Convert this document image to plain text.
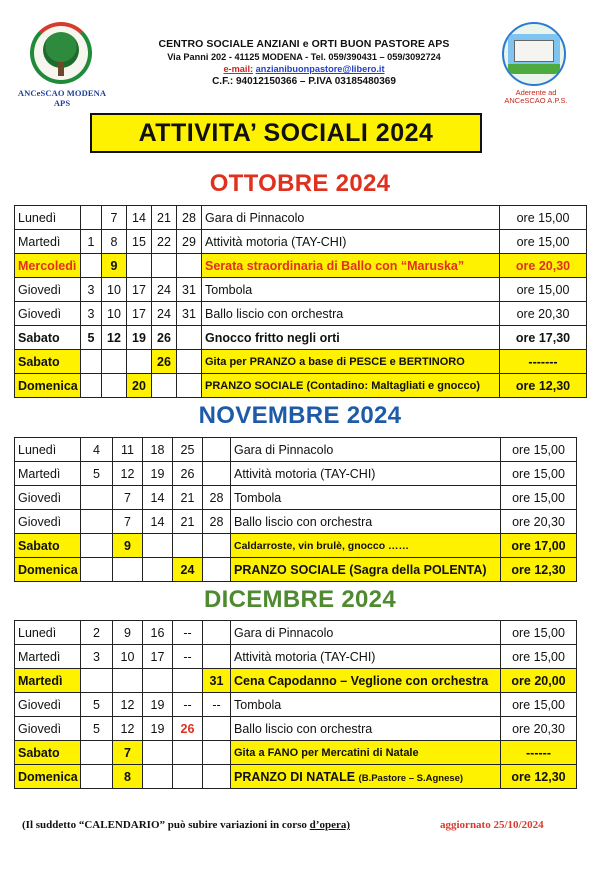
ANCeSCAO MODENA APS
CENTRO SOCIALE ANZIANI e ORTI BUON PASTORE APS
Via Panni 202 - 41125 MODENA - Tel. 059/390431 – 059/3092724
e-mail: anzianibuonpastore@libero.it
C.F.: 94012150366 – P.IVA 03185480369
Aderente ad
ANCeSCAO A.P.S.
ATTIVITA’ SOCIALI 2024
OTTOBRE 2024
Lunedì		7	14	21	28	Gara di Pinnacolo	ore 15,00
Martedì	1	8	15	22	29	Attività motoria (TAY-CHI)	ore 15,00
Mercoledì		9				Serata straordinaria di Ballo con “Maruska”	ore 20,30
Giovedì	3	10	17	24	31	Tombola	ore 15,00
Giovedì	3	10	17	24	31	Ballo liscio con orchestra	ore 20,30
Sabato	5	12	19	26		Gnocco fritto negli orti	ore 17,30
Sabato				26		Gita per PRANZO a base di PESCE e BERTINORO	-------
Domenica			20			PRANZO SOCIALE (Contadino: Maltagliati e gnocco)	ore 12,30
NOVEMBRE 2024
Lunedì	4	11	18	25		Gara di Pinnacolo	ore 15,00
Martedì	5	12	19	26		Attività motoria (TAY-CHI)	ore 15,00
Giovedì		7	14	21	28	Tombola	ore 15,00
Giovedì		7	14	21	28	Ballo liscio con orchestra	ore 20,30
Sabato		9				Caldarroste, vin brulè, gnocco ……	ore 17,00
Domenica				24		PRANZO SOCIALE (Sagra della POLENTA)	ore 12,30
DICEMBRE 2024
Lunedì	2	9	16	--		Gara di Pinnacolo	ore 15,00
Martedì	3	10	17	--		Attività motoria (TAY-CHI)	ore 15,00
Martedì					31	Cena Capodanno – Veglione con orchestra	ore 20,00
Giovedì	5	12	19	--	--	Tombola	ore 15,00
Giovedì	5	12	19	26		Ballo liscio con orchestra	ore 20,30
Sabato		7				Gita a FANO per Mercatini di Natale	------
Domenica		8				PRANZO DI NATALE (B.Pastore – S.Agnese)	ore 12,30
(Il suddetto “CALENDARIO” può subire variazioni in corso d’opera)	aggiornato 25/10/2024
